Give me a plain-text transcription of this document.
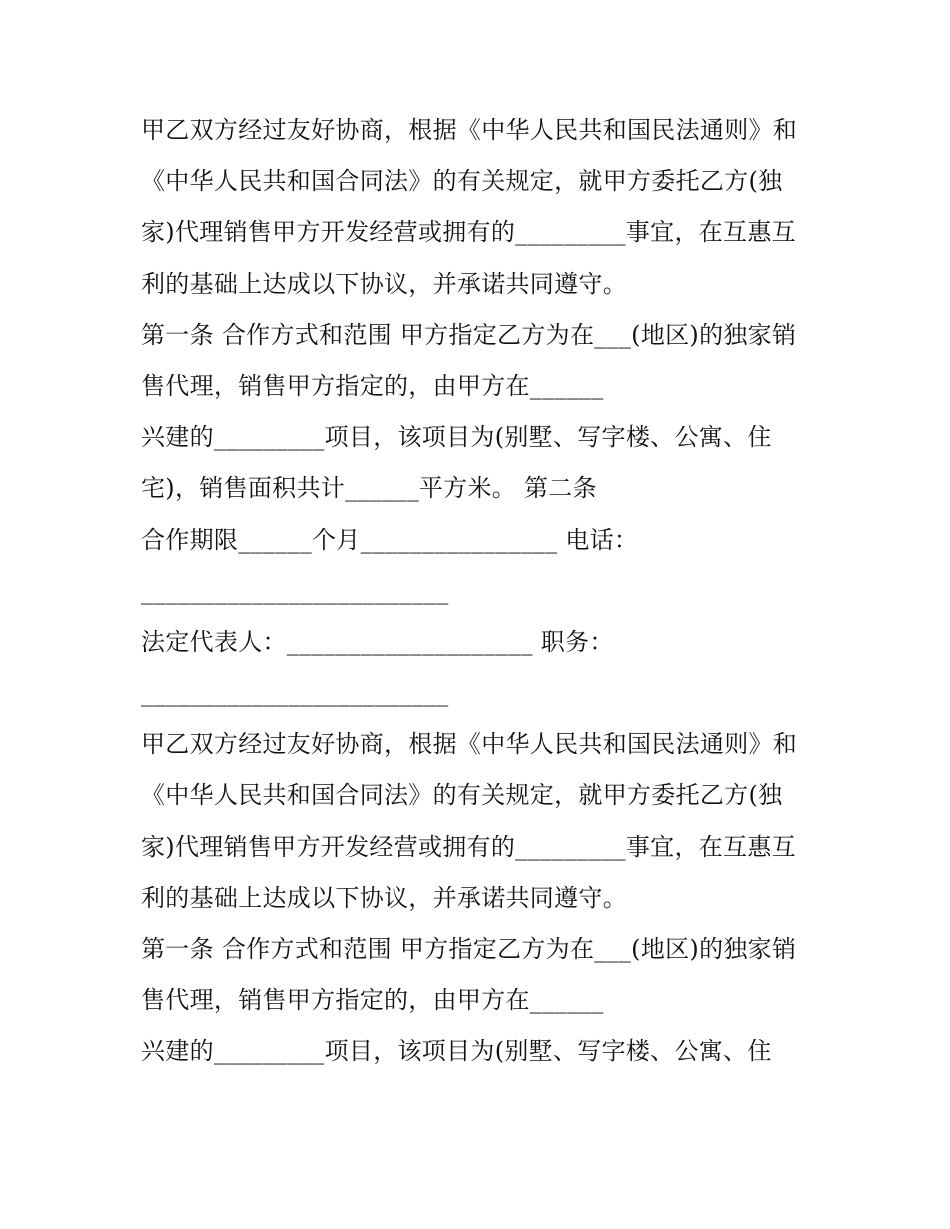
甲乙双方经过友好协商，根据《中华人民共和国民法通则》和
《中华人民共和国合同法》的有关规定，就甲方委托乙方(独
家)代理销售甲方开发经营或拥有的_________事宜，在互惠互
利的基础上达成以下协议，并承诺共同遵守。
第一条 合作方式和范围 甲方指定乙方为在___(地区)的独家销
售代理，销售甲方指定的，由甲方在______
兴建的_________项目，该项目为(别墅、写字楼、公寓、住
宅)，销售面积共计______平方米。 第二条
合作期限______个月________________ 电话：
_________________________
法定代表人：____________________ 职务：
_________________________
甲乙双方经过友好协商，根据《中华人民共和国民法通则》和
《中华人民共和国合同法》的有关规定，就甲方委托乙方(独
家)代理销售甲方开发经营或拥有的_________事宜，在互惠互
利的基础上达成以下协议，并承诺共同遵守。
第一条 合作方式和范围 甲方指定乙方为在___(地区)的独家销
售代理，销售甲方指定的，由甲方在______
兴建的_________项目，该项目为(别墅、写字楼、公寓、住
